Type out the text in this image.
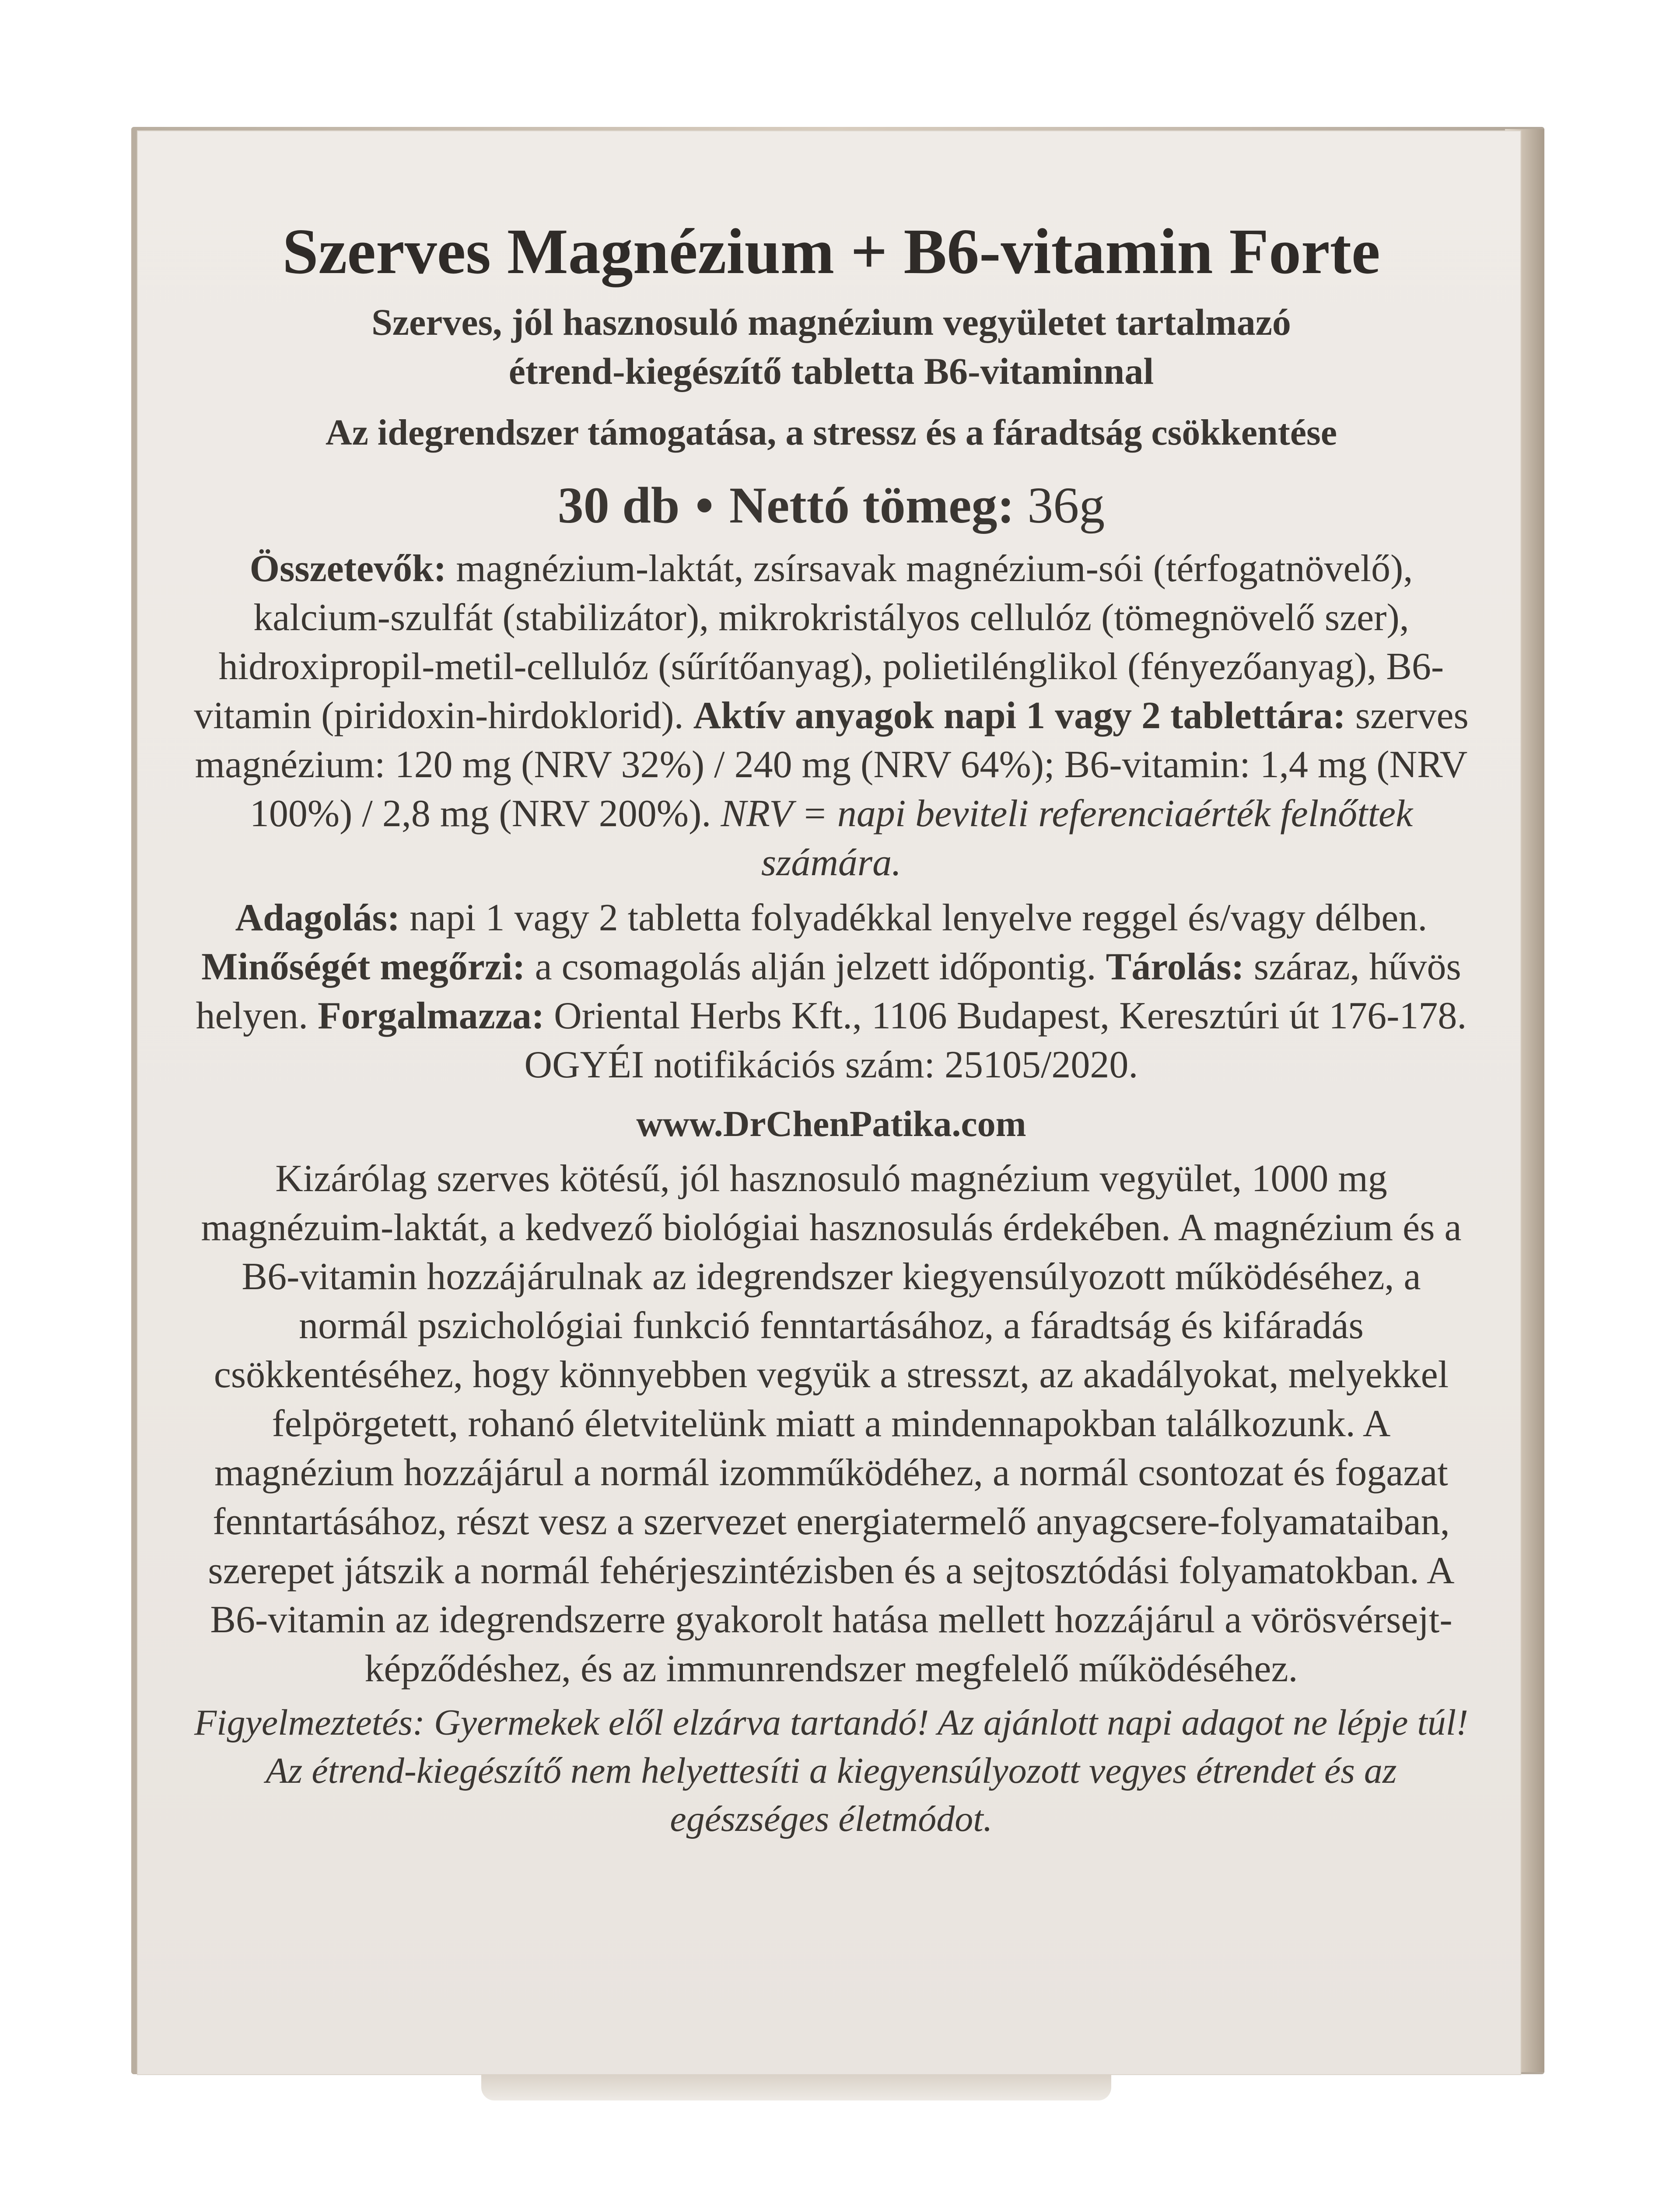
Szerves Magnézium + B6-vitamin Forte
Szerves, jól hasznosuló magnézium vegyületet tartalmazó
étrend-kiegészítő tabletta B6-vitaminnal
Az idegrendszer támogatása, a stressz és a fáradtság csökkentése
30 db • Nettó tömeg: 36g
Összetevők: magnézium-laktát, zsírsavak magnézium-sói (térfogatnövelő), kalcium-szulfát (stabilizátor), mikrokristályos cellulóz (tömegnövelő szer), hidroxipropil-metil-cellulóz (sűrítőanyag), polietilénglikol (fényezőanyag), B6-vitamin (piridoxin-hirdoklorid). Aktív anyagok napi 1 vagy 2 tablettára: szerves magnézium: 120 mg (NRV 32%) / 240 mg (NRV 64%); B6-vitamin: 1,4 mg (NRV 100%) / 2,8 mg (NRV 200%). NRV = napi beviteli referenciaérték felnőttek számára.
Adagolás: napi 1 vagy 2 tabletta folyadékkal lenyelve reggel és/vagy délben. Minőségét megőrzi: a csomagolás alján jelzett időpontig. Tárolás: száraz, hűvös helyen. Forgalmazza: Oriental Herbs Kft., 1106 Budapest, Keresztúri út 176-178. OGYÉI notifikációs szám: 25105/2020.
www.DrChenPatika.com
Kizárólag szerves kötésű, jól hasznosuló magnézium vegyület, 1000 mg magnézuim-laktát, a kedvező biológiai hasznosulás érdekében. A magnézium és a B6-vitamin hozzájárulnak az idegrendszer kiegyensúlyozott működéséhez, a normál pszichológiai funkció fenntartásához, a fáradtság és kifáradás csökkentéséhez, hogy könnyebben vegyük a stresszt, az akadályokat, melyekkel felpörgetett, rohanó életvitelünk miatt a mindennapokban találkozunk. A magnézium hozzájárul a normál izomműködéhez, a normál csontozat és fogazat fenntartásához, részt vesz a szervezet energiatermelő anyagcsere-folyamataiban, szerepet játszik a normál fehérjeszintézisben és a sejtosztódási folyamatokban. A B6-vitamin az idegrendszerre gyakorolt hatása mellett hozzájárul a vörösvérsejt-képződéshez, és az immunrendszer megfelelő működéséhez.
Figyelmeztetés: Gyermekek elől elzárva tartandó! Az ajánlott napi adagot ne lépje túl! Az étrend-kiegészítő nem helyettesíti a kiegyensúlyozott vegyes étrendet és az egészséges életmódot.
